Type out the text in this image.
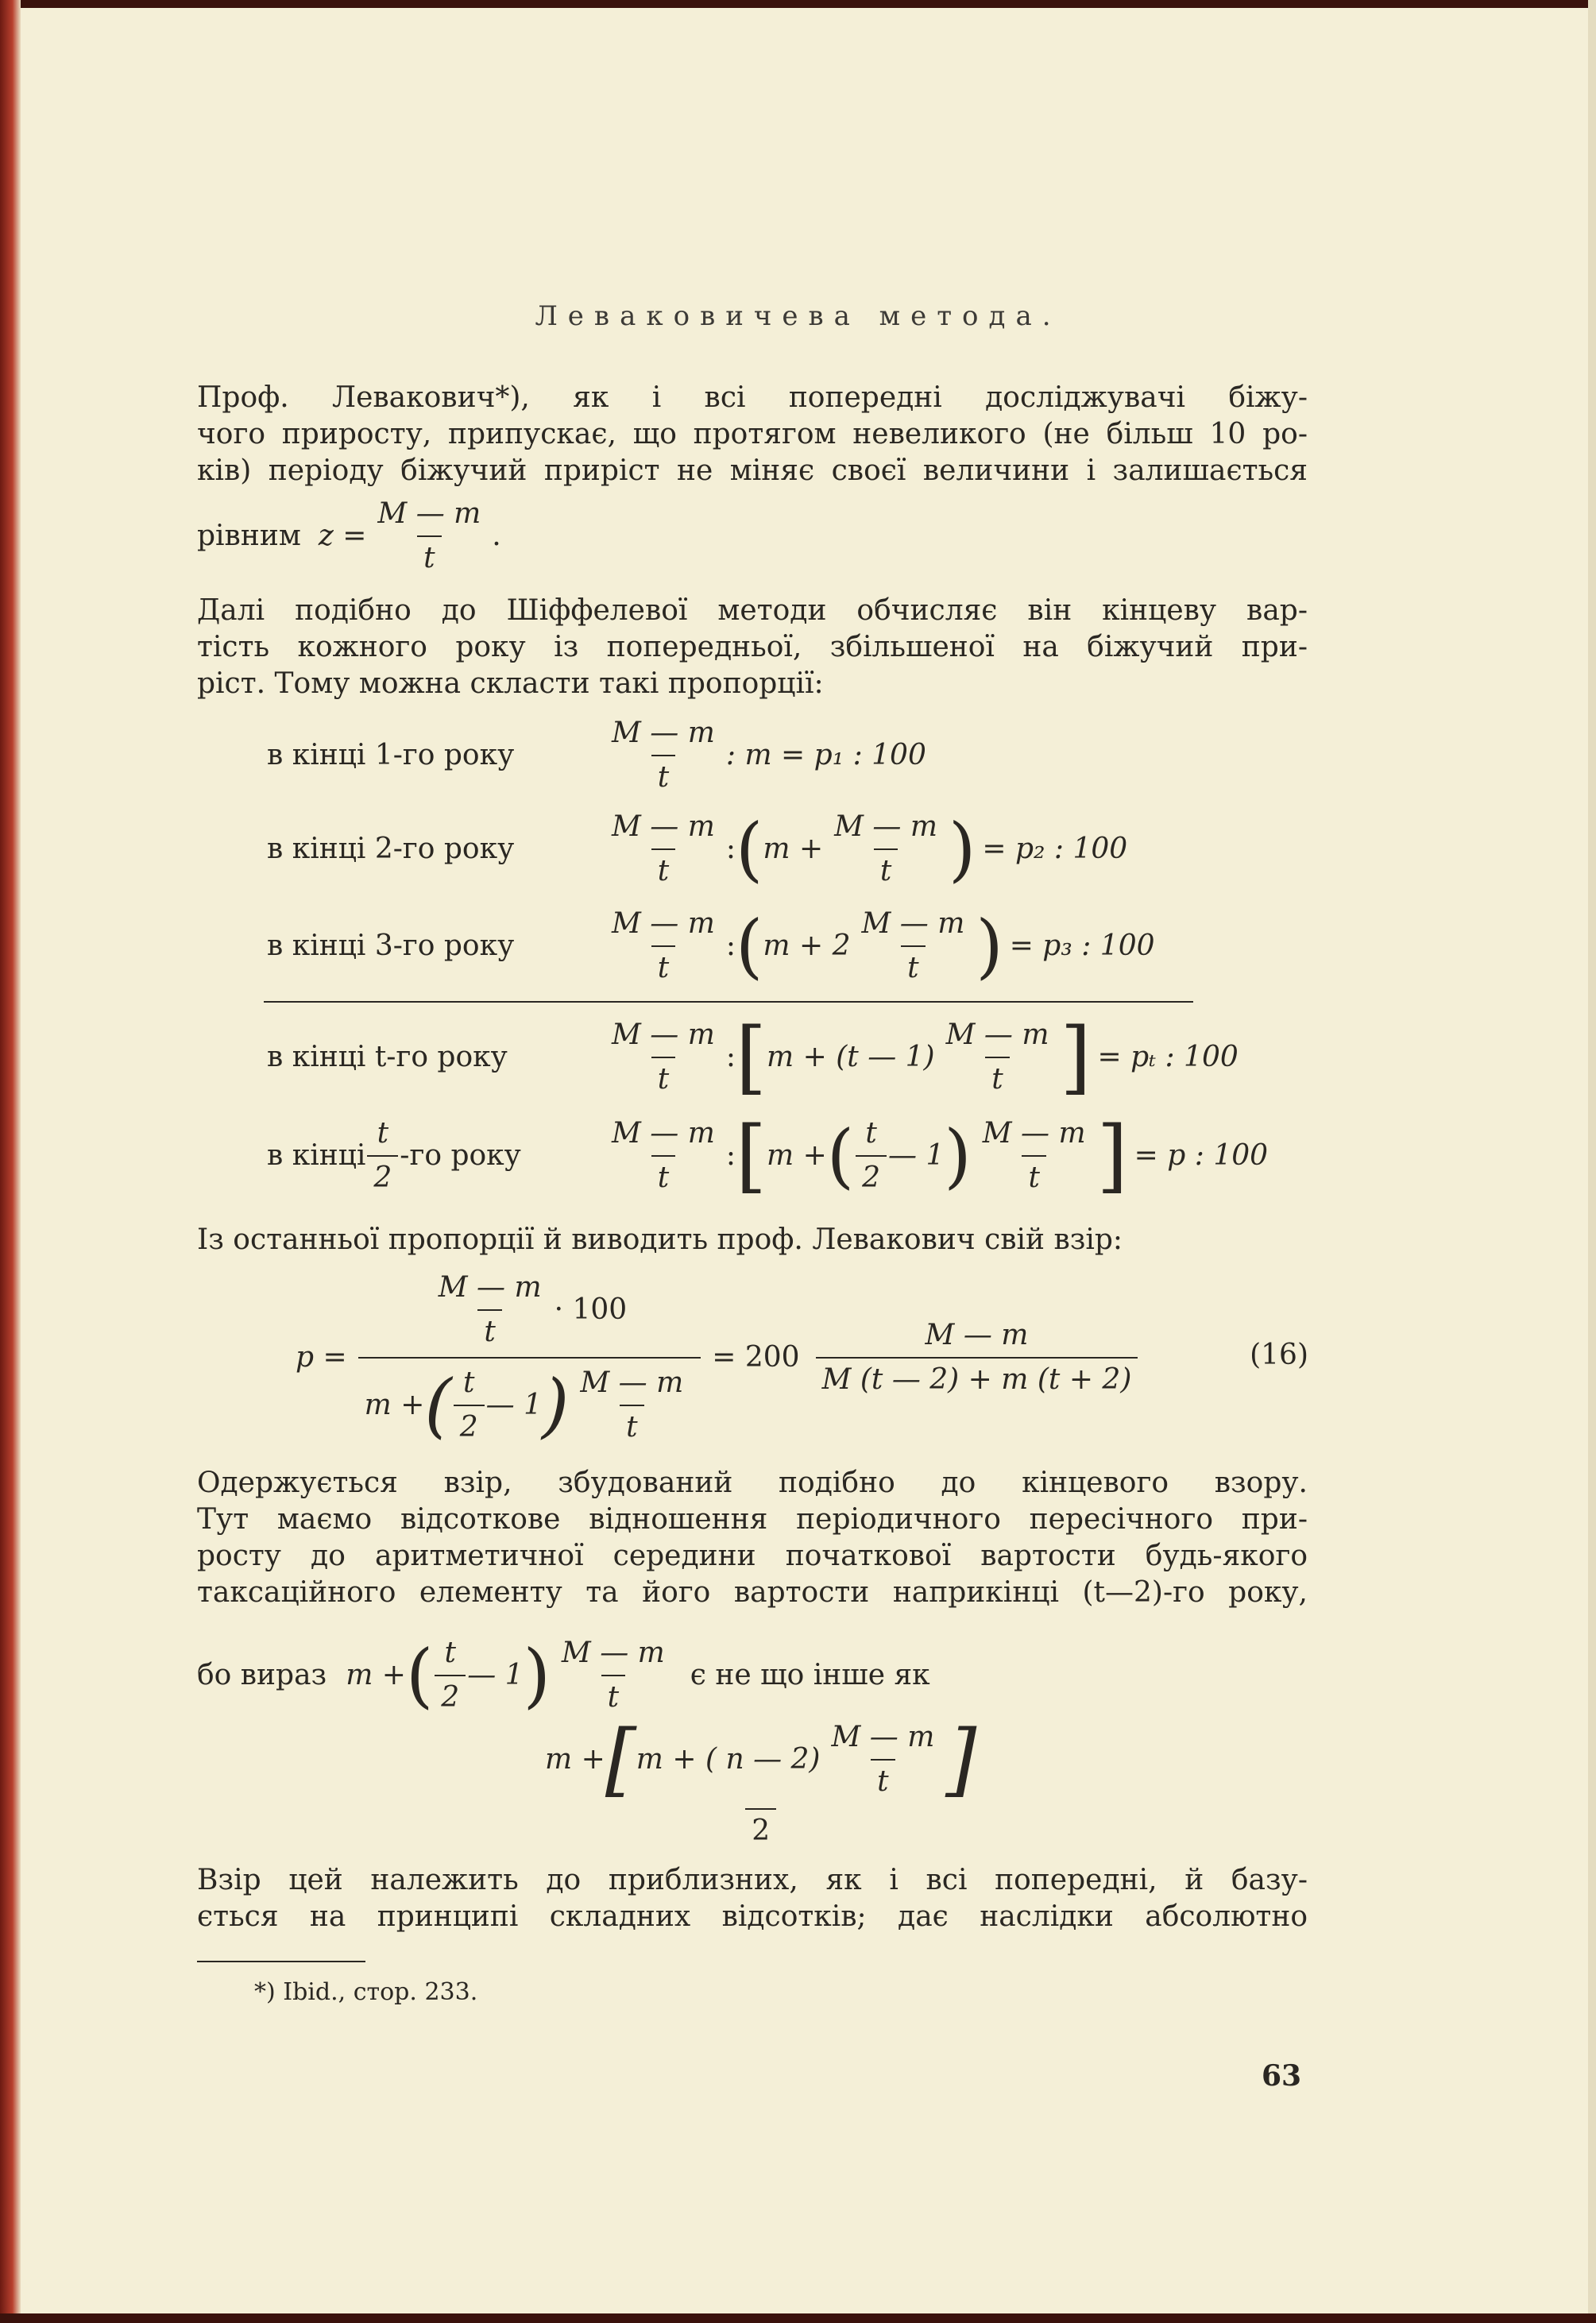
Левaковичева метода.
Проф. Левакович*), як і всі попередні досліджувачі біжу-
чого приросту, припускає, що протягом невеликого (не більш 10 ро-
ків) періоду біжучий приріст не міняє своєї величини і залишається
рівним $z = \frac{M — m}{t}$ .
Далі подібно до Шіффелевої методи обчисляє він кінцеву вар-
тість кожного року із попередньої, збільшеної на біжучий при-
ріст. Тому можна скласти такі пропорції:
в кінці 1-го року	$\frac{M — m}{t}$ : m = p₁ : 100
в кінці 2-го року	$\frac{M — m}{t}$ : ( $m + \frac{M — m}{t}$ ) = p₂ : 100
в кінці 3-го року	$\frac{M — m}{t}$ : ( $m + 2 \frac{M — m}{t}$ ) = p₃ : 100
в кінці t-го року	$\frac{M — m}{t}$ : [ m + (t — $1) \frac{M — m}{t}$ ] = pₜ : 100
в кінці $\frac{t}{2} -го$ року	$\frac{M — m}{t}$ : [ m + ( $\frac{t}{2}$ — 1 ) $\frac{M — m}{t}$ ] = p : 100
Із останньої пропорції й виводить проф. Левакович свій взір:
$p = \frac{\frac{M — m}{t} \cdot 100}{m + ( \frac{t}{2} — 1 ) \frac{M — m}{t}} = 200 \frac{M — m}{M (t — 2) + m (t + 2)}$	(16)
Одержується взір, збудований подібно до кінцевого взору.
Тут маємо відсоткове відношення періодичного пересічного при-
росту до аритметичної середини початкової вартости будь-якого
таксаційного елементу та його вартости наприкінці (t—2)-го року,
бо вираз m + ( $\frac{t}{2}$ — 1 ) $\frac{M — m}{t}$ є не що інше як
$\frac{m + [ m + ( n — 2) \frac{M — m}{t} ]}{2}$
Взір цей належить до приблизних, як і всі попередні, й базу-
ється на принципі складних відсотків; дає наслідки абсолютно
*) Ibid., стор. 233.
63
